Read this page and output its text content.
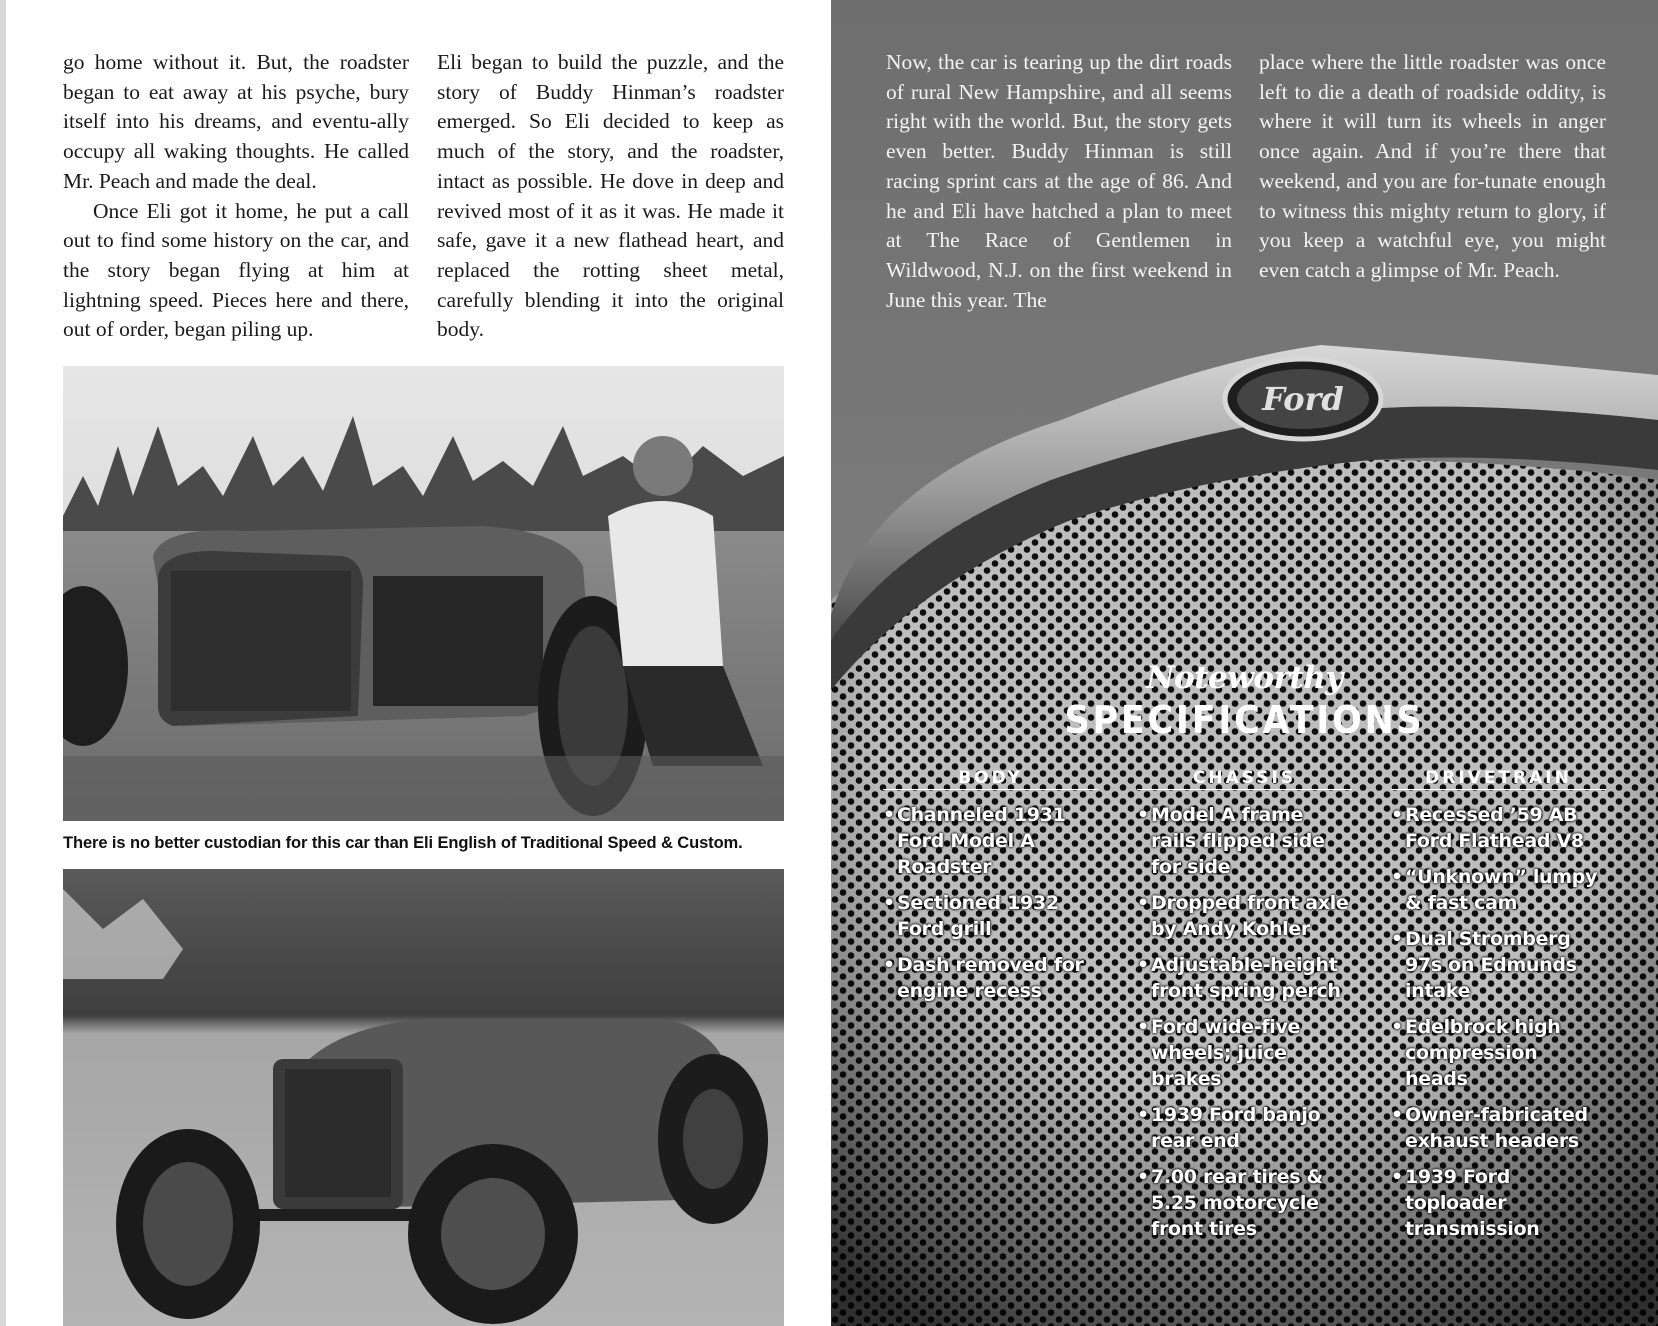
go home without it. But, the roadster began to eat away at his psyche, bury itself into his dreams, and eventu-ally occupy all waking thoughts. He called Mr. Peach and made the deal.

Once Eli got it home, he put a call out to find some history on the car, and the story began flying at him at lightning speed. Pieces here and there, out of order, began piling up.

Eli began to build the puzzle, and the story of Buddy Hinman’s roadster emerged. So Eli decided to keep as much of the story, and the roadster, intact as possible. He dove in deep and revived most of it as it was. He made it safe, gave it a new flathead heart, and replaced the rotting sheet metal, carefully blending it into the original body.

There is no better custodian for this car than Eli English of Traditional Speed & Custom.
Ford

Now, the car is tearing up the dirt roads of rural New Hampshire, and all seems right with the world. But, the story gets even better. Buddy Hinman is still racing sprint cars at the age of 86. And he and Eli have hatched a plan to meet at The Race of Gentlemen in Wildwood, N.J. on the first weekend in June this year. The

place where the little roadster was once left to die a death of roadside oddity, is where it will turn its wheels in anger once again. And if you’re there that weekend, and you are for-tunate enough to witness this mighty return to glory, if you keep a watchful eye, you might even catch a glimpse of Mr. Peach.

Noteworthy
SPECIFICATIONS
BODY
• Channeled 1931 Ford Model A Roadster
• Sectioned 1932 Ford grill
• Dash removed for engine recess
CHASSIS
• Model A frame rails flipped side for side
• Dropped front axle by Andy Kohler
• Adjustable-height front spring perch
• Ford wide-five wheels; juice brakes
• 1939 Ford banjo rear end
• 7.00 rear tires & 5.25 motorcycle front tires
DRIVETRAIN
• Recessed ’59 AB Ford Flathead V8
• “Unknown” lumpy & fast cam
• Dual Stromberg 97s on Edmunds intake
• Edelbrock high compression heads
• Owner-fabricated exhaust headers
• 1939 Ford toploader transmission
